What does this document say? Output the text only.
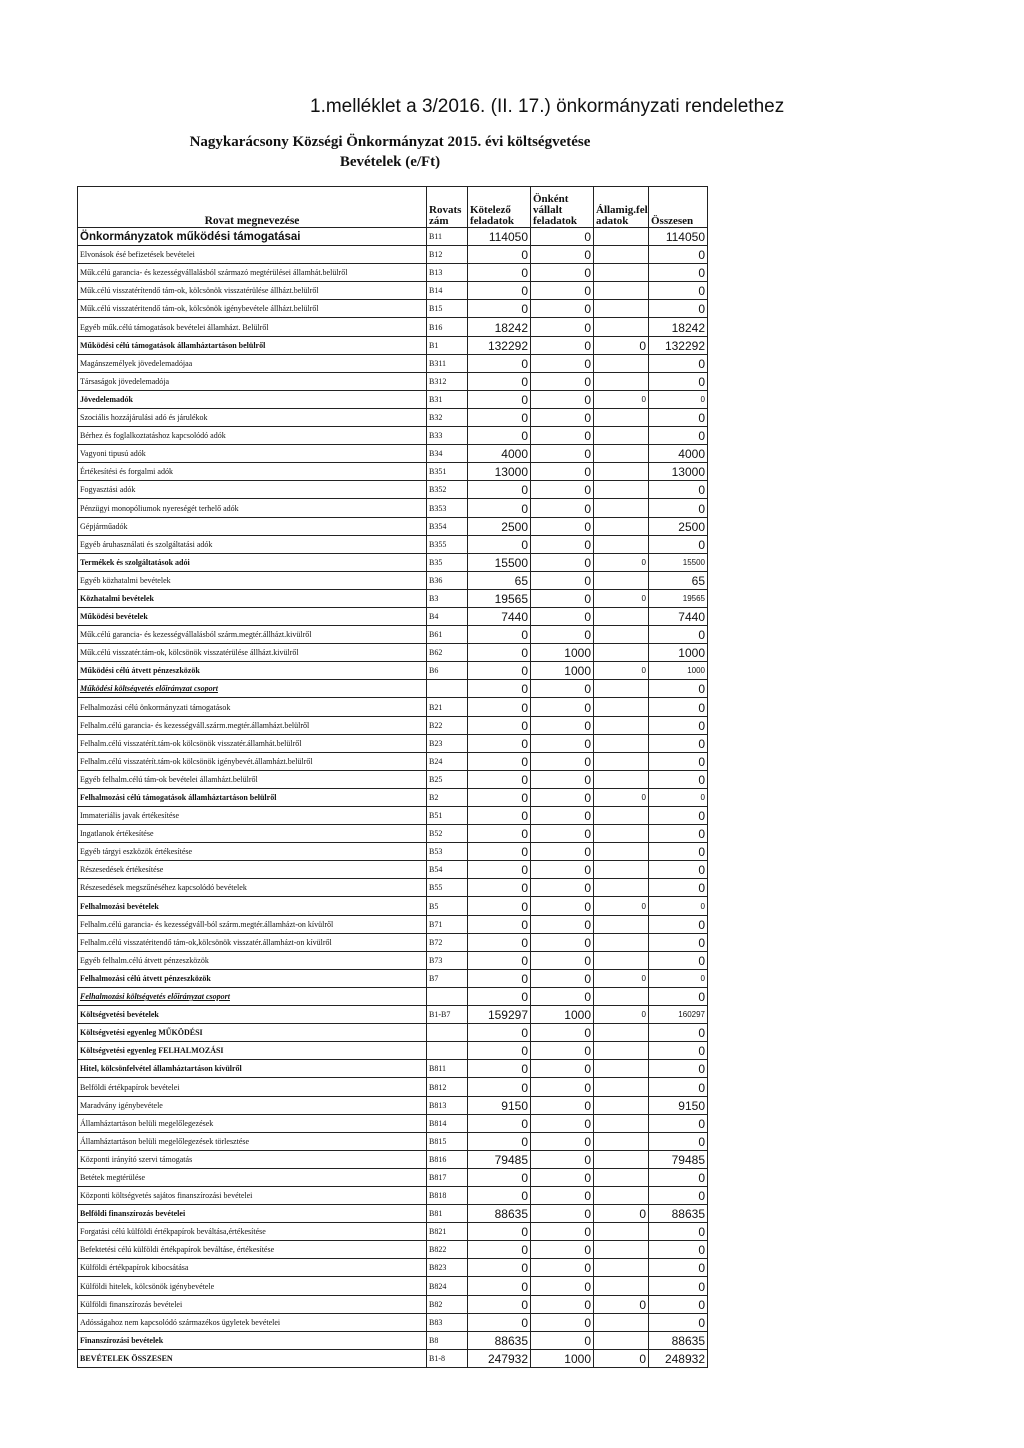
1.melléklet a 3/2016. (II. 17.) önkormányzati rendelethez
Nagykarácsony Községi Önkormányzat 2015. évi költségvetése
Bevételek (e/Ft)
Rovat megnevezése	Rovats zám	Kötelező feladatok	Önként vállalt feladatok	Államig.fel adatok	Összesen
Önkormányzatok működési támogatásai	B11	114050	0		114050
Elvonások ésé befizetések bevételei	B12	0	0		0
Műk.célú garancia- és kezességvállalásból származó megtérülései államhát.belülről	B13	0	0		0
Műk.célú visszatérítendő tám-ok, kölcsönök visszatérülése állházt.belülről	B14	0	0		0
Műk.célú visszatéritendő tám-ok, kölcsönök igénybevétele állházt.belülről	B15	0	0		0
Egyéb műk.célú támogatások bevételei államházt. Belülről	B16	18242	0		18242
Működési célú támogatások államháztartáson belülről	B1	132292	0	0	132292
Magánszemélyek jövedelemadójaa	B311	0	0		0
Társaságok jövedelemadója	B312	0	0		0
Jövedelemadók	B31	0	0	0	0
Szociális hozzájárulási adó és járulékok	B32	0	0		0
Bérhez és foglalkoztatáshoz kapcsolódó adók	B33	0	0		0
Vagyoni tipusú adók	B34	4000	0		4000
Értékesítési és forgalmi adók	B351	13000	0		13000
Fogyasztási adók	B352	0	0		0
Pénzügyi monopóliumok nyereségét terhelő adók	B353	0	0		0
Gépjárműadók	B354	2500	0		2500
Egyéb áruhasználati és szolgáltatási adók	B355	0	0		0
Termékek és szolgáltatások adói	B35	15500	0	0	15500
Egyéb közhatalmi bevételek	B36	65	0		65
Közhatalmi bevételek	B3	19565	0	0	19565
Működési bevételek	B4	7440	0		7440
Műk.célú garancia- és kezességvállalásból szárm.megtér.állházt.kivülről	B61	0	0		0
Műk.célú visszatér.tám-ok, kölcsönök visszatérülése állházt.kivülről	B62	0	1000		1000
Működési célú átvett pénzeszközök	B6	0	1000	0	1000
Működési költségvetés előirányzat csoport		0	0		0
Felhalmozási célú önkormányzati támogatások	B21	0	0		0
Felhalm.célú garancia- és kezességváll.szárm.megtér.államházt.belülről	B22	0	0		0
Felhalm.célú visszatérít.tám-ok kölcsönök visszatér.államhát.belülről	B23	0	0		0
Felhalm.célú visszatérít.tám-ok kölcsönök igénybevét.államházt.belülről	B24	0	0		0
Egyéb felhalm.célú tám-ok bevételei államházt.belülről	B25	0	0		0
Felhalmozási célú támogatások államháztartáson belülről	B2	0	0	0	0
Immateriális javak értékesítése	B51	0	0		0
Ingatlanok értékesítése	B52	0	0		0
Egyéb tárgyi eszközök értékesítése	B53	0	0		0
Részesedések értékesítése	B54	0	0		0
Részesedések megszűnéséhez kapcsolódó bevételek	B55	0	0		0
Felhalmozási bevételek	B5	0	0	0	0
Felhalm.célú garancia- és kezességváll-ból szárm.megtér.államházt-on kívülről	B71	0	0		0
Felhalm.célú visszatéritendő tám-ok,kölcsönök visszatér.államházt-on kívülről	B72	0	0		0
Egyéb felhalm.célú átvett pénzeszközök	B73	0	0		0
Felhalmozási célú átvett pénzeszközök	B7	0	0	0	0
Felhalmozási költségvetés előirányzat csoport		0	0		0
Költségvetési bevételek	B1-B7	159297	1000	0	160297
Költségvetési egyenleg MŰKÖDÉSI		0	0		0
Költségvetési egyenleg FELHALMOZÁSI		0	0		0
Hitel, kölcsönfelvétel államháztartáson kívülről	B811	0	0		0
Belföldi értékpapírok bevételei	B812	0	0		0
Maradvány igénybevétele	B813	9150	0		9150
Államháztartáson belüli megelőlegezések	B814	0	0		0
Államháztartáson belüli megelőlegezések törlesztése	B815	0	0		0
Központi irányító szervi támogatás	B816	79485	0		79485
Betétek megtérülése	B817	0	0		0
Központi költségvetés sajátos finanszírozási bevételei	B818	0	0		0
Belföldi finanszírozás bevételei	B81	88635	0	0	88635
Forgatási célú külföldi értékpapírok beváltása,értékesítése	B821	0	0		0
Befektetési célú külföldi értékpapírok beváltáse, értékesítése	B822	0	0		0
Külföldi értékpapírok kibocsátása	B823	0	0		0
Külföldi hitelek, kölcsönök igénybevétele	B824	0	0		0
Külföldi finanszírozás bevételei	B82	0	0	0	0
Adósságahoz nem kapcsolódó származékos ügyletek bevételei	B83	0	0		0
Finanszírozási bevételek	B8	88635	0		88635
BEVÉTELEK ÖSSZESEN	B1-8	247932	1000	0	248932
